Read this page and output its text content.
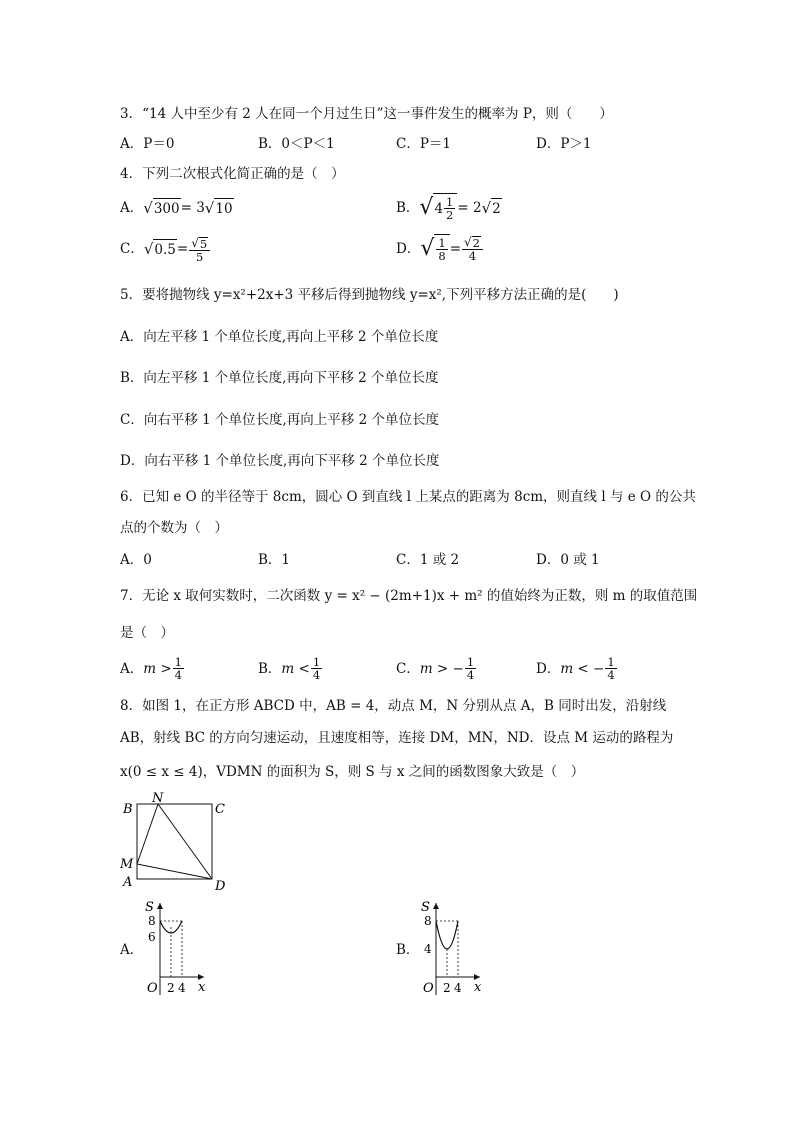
3．“14 人中至少有 2 人在同一个月过生日”这一事件发生的概率为 P，则（　　）
A．P＝0	B．0＜P＜1	C．P＝1	D．P＞1
4．下列二次根式化简正确的是（　）
A． √ 300 = 3 √ 10	B． √ $4 \frac{1}{2} = 2$ √ 2
C． √ $0.5 = \frac{√ 5}{5}$	D． √ $\frac{1}{8} = \frac{√ 2}{4}$
5．要将抛物线 y=x²+2x+3 平移后得到抛物线 y=x²,下列平移方法正确的是(　　)
A．向左平移 1 个单位长度,再向上平移 2 个单位长度
B．向左平移 1 个单位长度,再向下平移 2 个单位长度
C．向右平移 1 个单位长度,再向上平移 2 个单位长度
D．向右平移 1 个单位长度,再向下平移 2 个单位长度
6．已知 e O 的半径等于 8cm，圆心 O 到直线 l 上某点的距离为 8cm，则直线 l 与 e O 的公共
点的个数为（　）
A．0	B．1	C．1 或 2	D．0 或 1
7．无论 x 取何实数时，二次函数 y = x² − (2m+1)x + m² 的值始终为正数，则 m 的取值范围
是（　）
A． $m > \frac{1}{4}$	B． $m < \frac{1}{4}$	C． m > − $\frac{1}{4}$	D． m < − $\frac{1}{4}$
8．如图 1，在正方形 ABCD 中，AB = 4，动点 M，N 分别从点 A，B 同时出发，沿射线
AB，射线 BC 的方向匀速运动，且速度相等，连接 DM，MN，ND．设点 M 运动的路程为
x(0 ≤ x ≤ 4)，VDMN 的面积为 S，则 S 与 x 之间的函数图象大致是（　）
B
N
C
M
A	D
A．
S
8
6
O 2 4 x
B．
S
8
4
O 2 4 x
